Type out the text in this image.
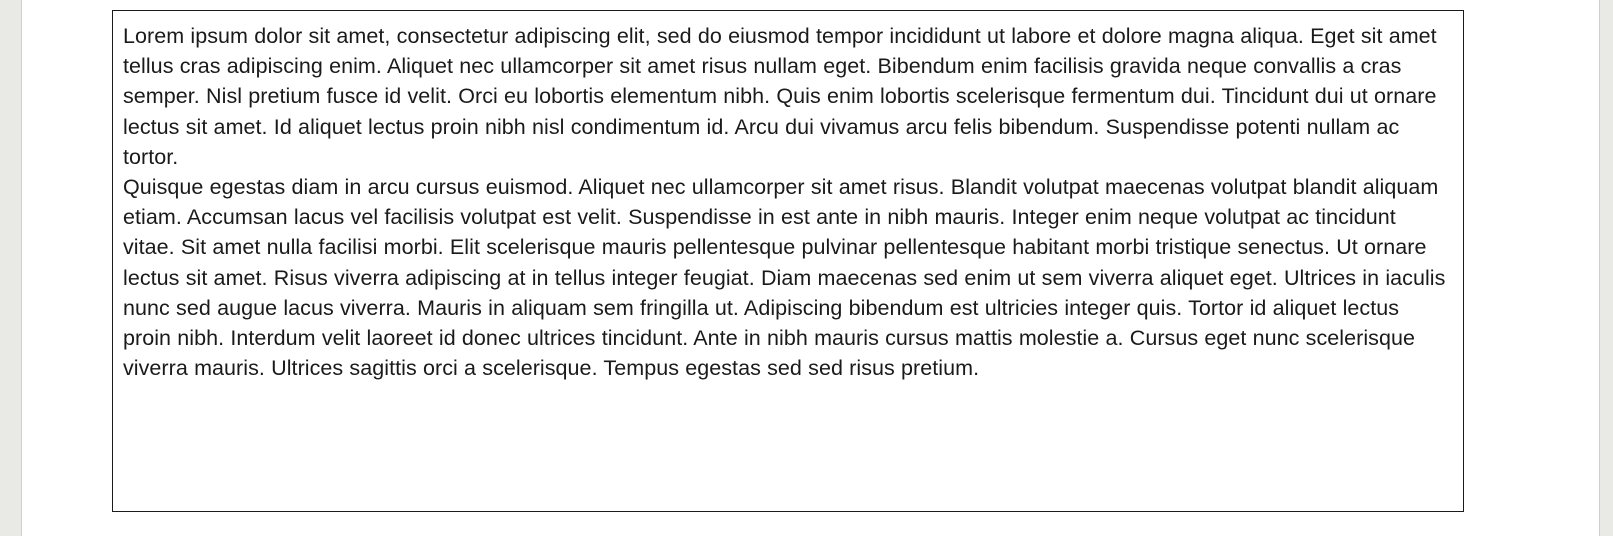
Lorem ipsum dolor sit amet, consectetur adipiscing elit, sed do eiusmod tempor incididunt ut labore et dolore magna aliqua. Eget sit amet tellus cras adipiscing enim. Aliquet nec ullamcorper sit amet risus nullam eget. Bibendum enim facilisis gravida neque convallis a cras semper. Nisl pretium fusce id velit. Orci eu lobortis elementum nibh. Quis enim lobortis scelerisque fermentum dui. Tincidunt dui ut ornare lectus sit amet. Id aliquet lectus proin nibh nisl condimentum id. Arcu dui vivamus arcu felis bibendum. Suspendisse potenti nullam ac tortor.

Quisque egestas diam in arcu cursus euismod. Aliquet nec ullamcorper sit amet risus. Blandit volutpat maecenas volutpat blandit aliquam etiam. Accumsan lacus vel facilisis volutpat est velit. Suspendisse in est ante in nibh mauris. Integer enim neque volutpat ac tincidunt vitae. Sit amet nulla facilisi morbi. Elit scelerisque mauris pellentesque pulvinar pellentesque habitant morbi tristique senectus. Ut ornare lectus sit amet. Risus viverra adipiscing at in tellus integer feugiat. Diam maecenas sed enim ut sem viverra aliquet eget. Ultrices in iaculis nunc sed augue lacus viverra. Mauris in aliquam sem fringilla ut. Adipiscing bibendum est ultricies integer quis. Tortor id aliquet lectus proin nibh. Interdum velit laoreet id donec ultrices tincidunt. Ante in nibh mauris cursus mattis molestie a. Cursus eget nunc scelerisque viverra mauris. Ultrices sagittis orci a scelerisque. Tempus egestas sed sed risus pretium.
